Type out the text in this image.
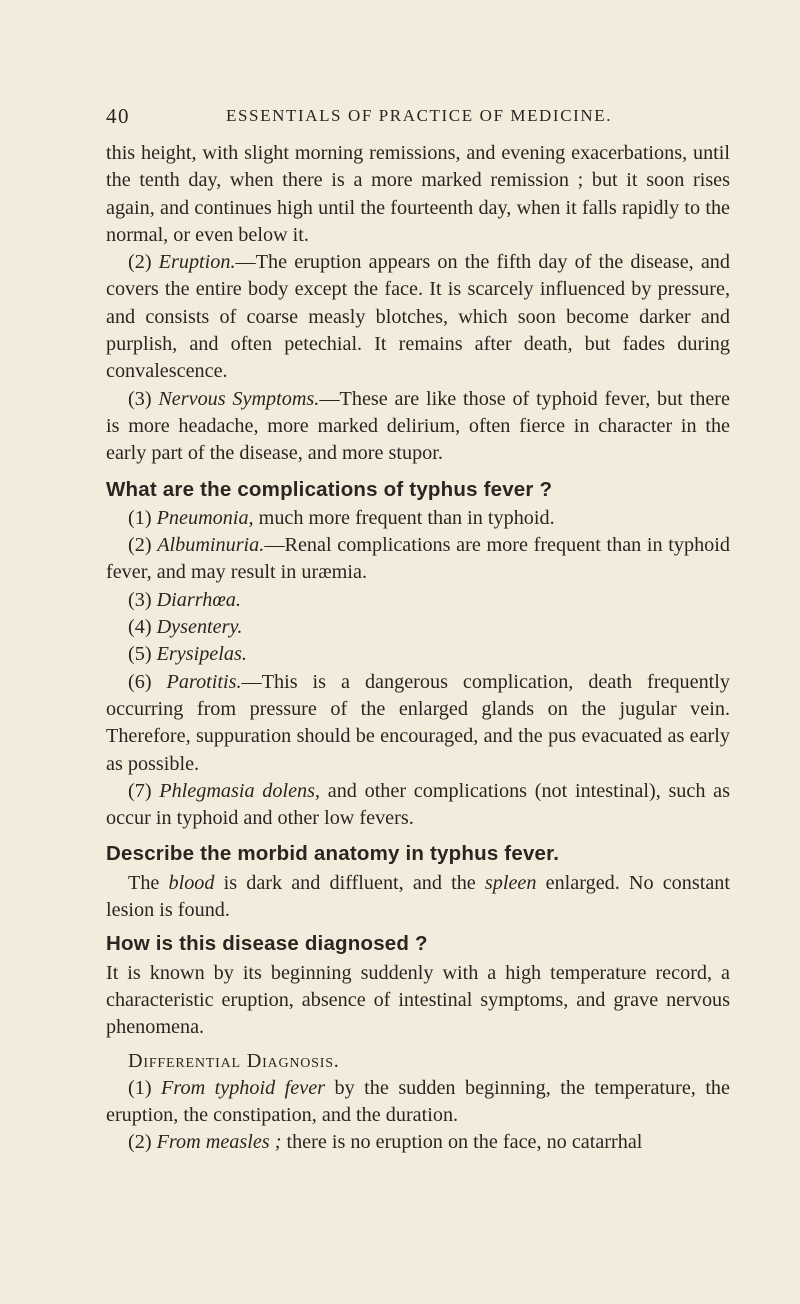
40	ESSENTIALS OF PRACTICE OF MEDICINE.

this height, with slight morning remissions, and evening exacerbations, until the tenth day, when there is a more marked remission ; but it soon rises again, and continues high until the fourteenth day, when it falls rapidly to the normal, or even below it.

(2) Eruption.—The eruption appears on the fifth day of the disease, and covers the entire body except the face. It is scarcely influenced by pressure, and consists of coarse measly blotches, which soon become darker and purplish, and often petechial. It remains after death, but fades during convalescence.

(3) Nervous Symptoms.—These are like those of typhoid fever, but there is more headache, more marked delirium, often fierce in character in the early part of the disease, and more stupor.

What are the complications of typhus fever ?

(1) Pneumonia, much more frequent than in typhoid.

(2) Albuminuria.—Renal complications are more frequent than in typhoid fever, and may result in uræmia.

(3) Diarrhœa.

(4) Dysentery.

(5) Erysipelas.

(6) Parotitis.—This is a dangerous complication, death frequently occurring from pressure of the enlarged glands on the jugular vein. Therefore, suppuration should be encouraged, and the pus evacuated as early as possible.

(7) Phlegmasia dolens, and other complications (not intestinal), such as occur in typhoid and other low fevers.

Describe the morbid anatomy in typhus fever.

The blood is dark and diffluent, and the spleen enlarged. No constant lesion is found.

How is this disease diagnosed ?

It is known by its beginning suddenly with a high temperature record, a characteristic eruption, absence of intestinal symptoms, and grave nervous phenomena.

Differential Diagnosis.

(1) From typhoid fever by the sudden beginning, the temperature, the eruption, the constipation, and the duration.

(2) From measles ; there is no eruption on the face, no catarrhal
